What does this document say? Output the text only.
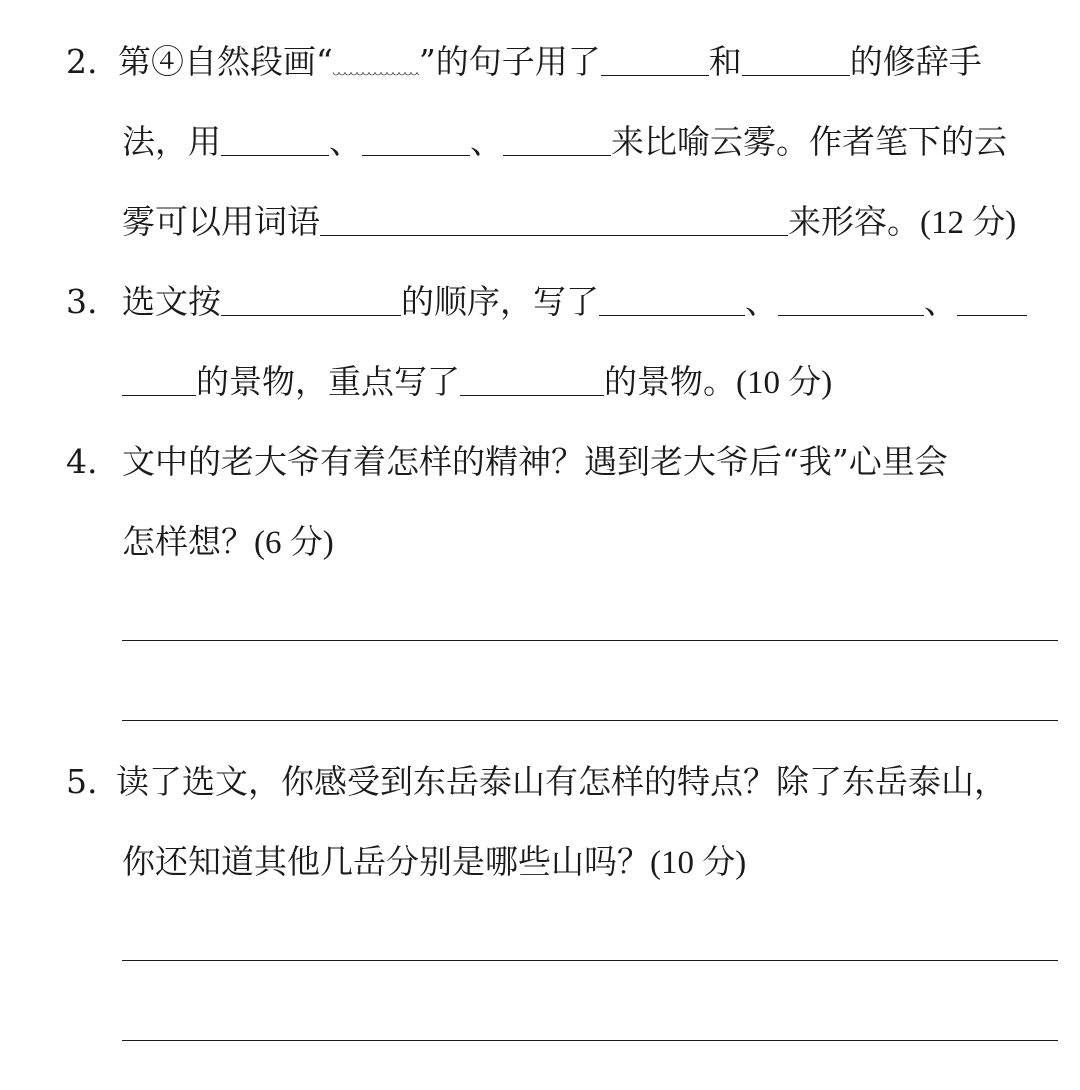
2. 第④自然段画“	”的句子用了	和	的修辞手
法，用	、	、	来比喻云雾。作者笔下的云
雾可以用词语	来形容。(12 分)
3. 选文按	的顺序，写了	、	、
的景物，重点写了	的景物。(10 分)
4. 文中的老大爷有着怎样的精神？遇到老大爷后“我”心里会
怎样想？(6 分)
5. 读了选文，你感受到东岳泰山有怎样的特点？除了东岳泰山，
你还知道其他几岳分别是哪些山吗？(10 分)
